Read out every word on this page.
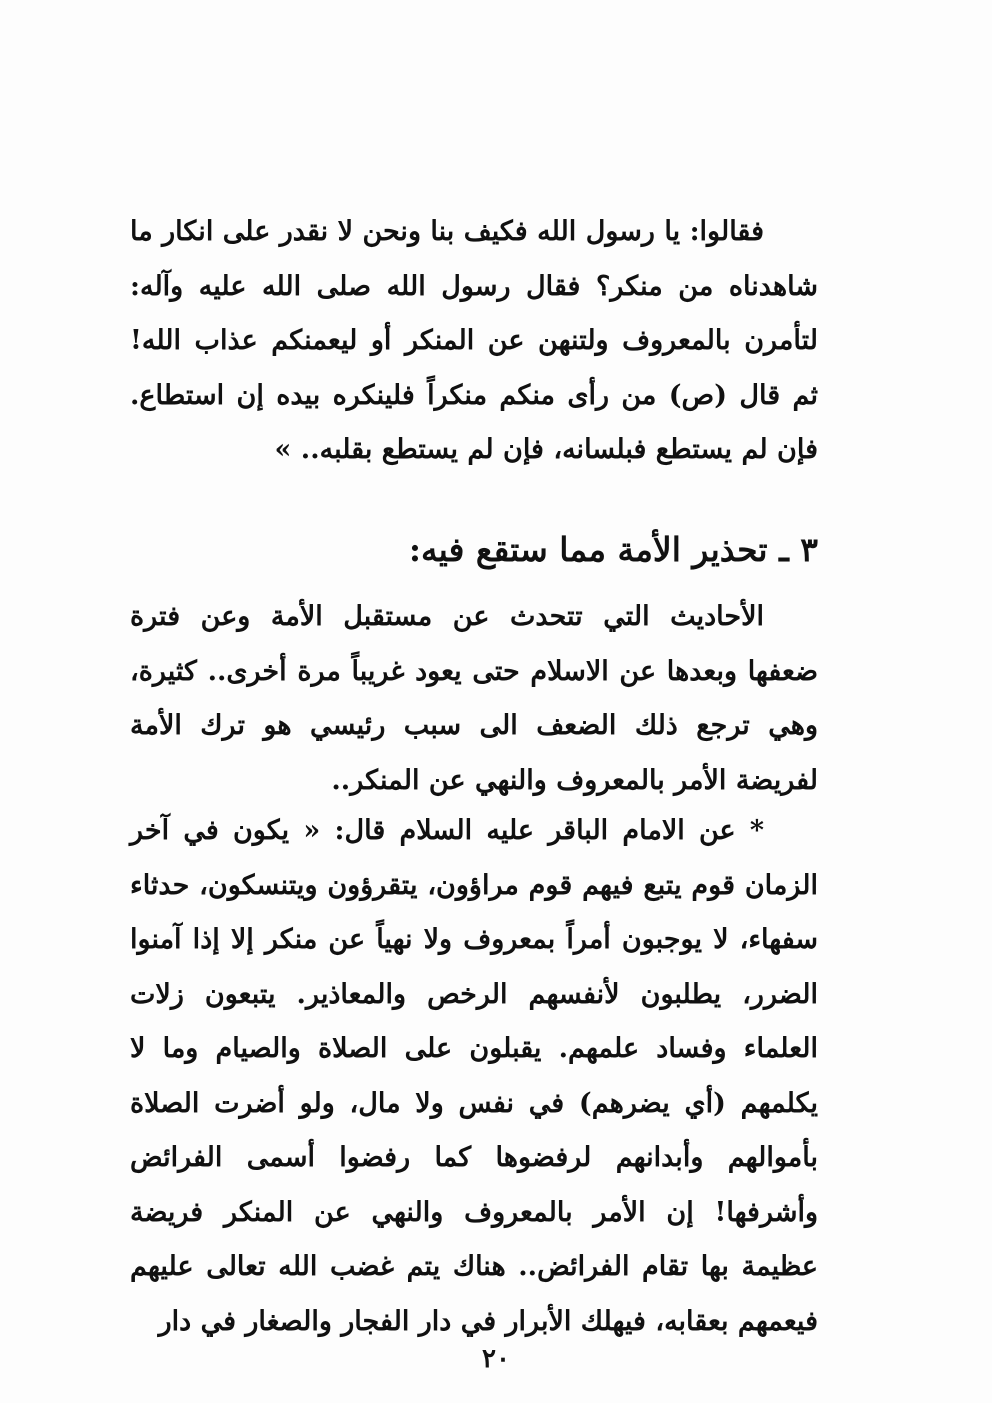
فقالوا: يا رسول الله فكيف بنا ونحن لا نقدر على انكار ما شاهدناه من منكر؟ فقال رسول الله صلى الله عليه وآله: لتأمرن بالمعروف ولتنهن عن المنكر أو ليعمنكم عذاب الله! ثم قال (ص) من رأى منكم منكراً فلينكره بيده إن استطاع. فإن لم يستطع فبلسانه، فإن لم يستطع بقلبه.. »

٣ ـ تحذير الأمة مما ستقع فيه:

الأحاديث التي تتحدث عن مستقبل الأمة وعن فترة ضعفها وبعدها عن الاسلام حتى يعود غريباً مرة أخرى.. كثيرة، وهي ترجع ذلك الضعف الى سبب رئيسي هو ترك الأمة لفريضة الأمر بالمعروف والنهي عن المنكر..

* عن الامام الباقر عليه السلام قال: « يكون في آخر الزمان قوم يتبع فيهم قوم مراؤون، يتقرؤون ويتنسكون، حدثاء سفهاء، لا يوجبون أمراً بمعروف ولا نهياً عن منكر إلا إذا آمنوا الضرر، يطلبون لأنفسهم الرخص والمعاذير. يتبعون زلات العلماء وفساد علمهم. يقبلون على الصلاة والصيام وما لا يكلمهم (أي يضرهم) في نفس ولا مال، ولو أضرت الصلاة بأموالهم وأبدانهم لرفضوها كما رفضوا أسمى الفرائض وأشرفها! إن الأمر بالمعروف والنهي عن المنكر فريضة عظيمة بها تقام الفرائض.. هناك يتم غضب الله تعالى عليهم فيعمهم بعقابه، فيهلك الأبرار في دار الفجار والصغار في دار

٢٠
